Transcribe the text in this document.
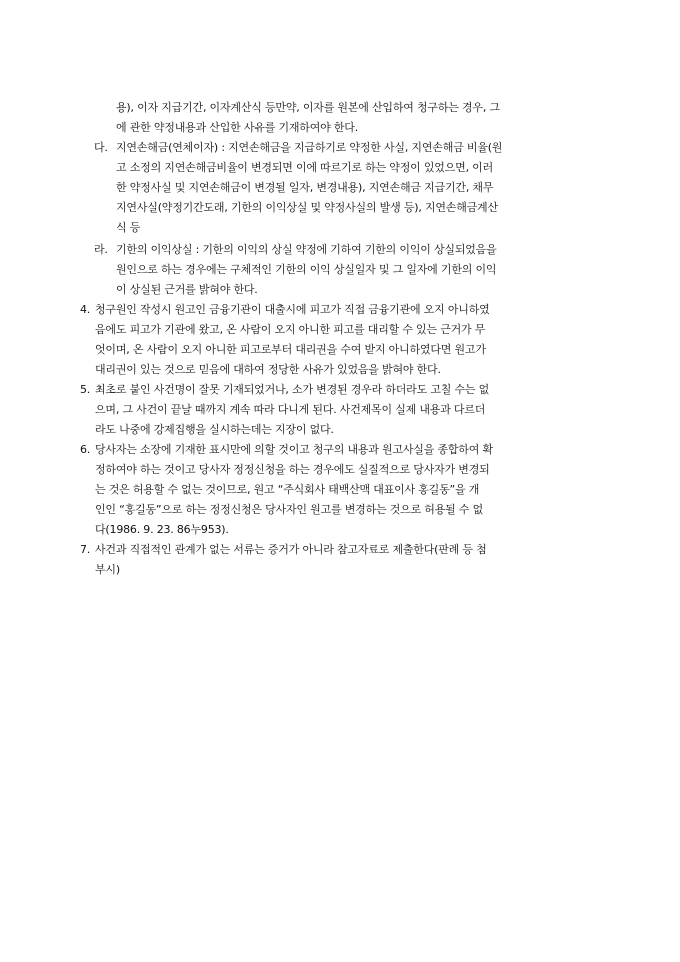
용), 이자 지급기간, 이자계산식 등만약, 이자를 원본에 산입하여 청구하는 경우, 그
에 관한 약정내용과 산입한 사유를 기재하여야 한다.
다. 지연손해금(연체이자) : 지연손해금을 지급하기로 약정한 사실, 지연손해금 비율(원
고 소정의 지연손해금비율이 변경되면 이에 따르기로 하는 약정이 있었으면, 이러
한 약정사실 및 지연손해금이 변경될 일자, 변경내용), 지연손해금 지급기간, 채무
지연사실(약정기간도래, 기한의 이익상실 및 약정사실의 발생 등), 지연손해금계산
식 등
라. 기한의 이익상실 : 기한의 이익의 상실 약정에 기하여 기한의 이익이 상실되었음을
원인으로 하는 경우에는 구체적인 기한의 이익 상실일자 및 그 일자에 기한의 이익
이 상실된 근거를 밝혀야 한다.
4. 청구원인 작성시 원고인 금융기관이 대출시에 피고가 직접 금융기관에 오지 아니하였
음에도 피고가 기관에 왔고, 온 사람이 오지 아니한 피고를 대리할 수 있는 근거가 무
엇이며, 온 사람이 오지 아니한 피고로부터 대리권을 수여 받지 아니하였다면 원고가
대리권이 있는 것으로 믿음에 대하여 정당한 사유가 있었음을 밝혀야 한다.
5. 최초로 붙인 사건명이 잘못 기재되었거나, 소가 변경된 경우라 하더라도 고칠 수는 없
으며, 그 사건이 끝날 때까지 계속 따라 다니게 된다. 사건제목이 실제 내용과 다르더
라도 나중에 강제집행을 실시하는데는 지장이 없다.
6. 당사자는 소장에 기재한 표시만에 의할 것이고 청구의 내용과 원고사실을 종합하여 확
정하여야 하는 것이고 당사자 정정신청을 하는 경우에도 실질적으로 당사자가 변경되
는 것은 허용할 수 없는 것이므로, 원고 “주식회사 태백산맥 대표이사 홍길동”을 개
인인 “홍길동”으로 하는 정정신청은 당사자인 원고를 변경하는 것으로 허용될 수 없
다(1986. 9. 23. 86누953).
7. 사건과 직접적인 관계가 없는 서류는 증거가 아니라 참고자료로 제출한다(판례 등 첨
부시)
